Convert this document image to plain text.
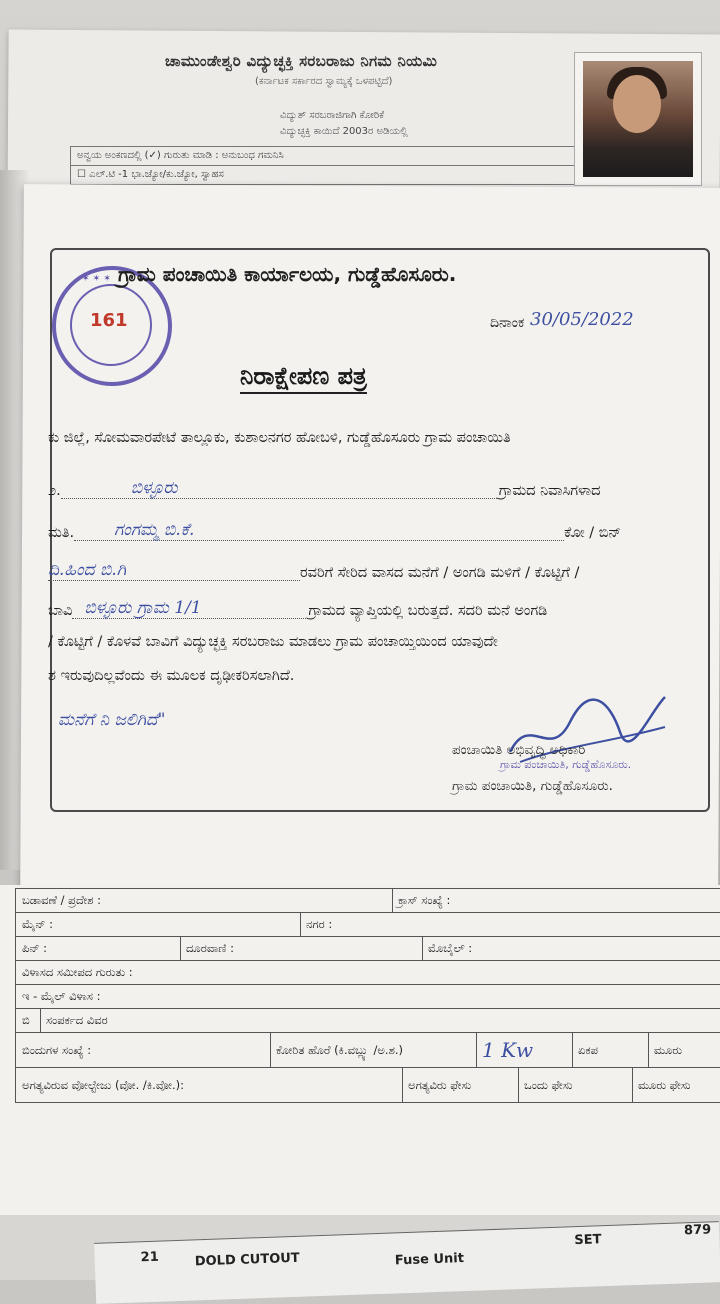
ಚಾಮುಂಡೇಶ್ವರಿ ವಿದ್ಯುಚ್ಛಕ್ತಿ ಸರಬರಾಜು ನಿಗಮ ನಿಯಮಿ
(ಕರ್ನಾಟಕ ಸರ್ಕಾರದ ಸ್ವಾಮ್ಯಕ್ಕೆ ಒಳಪಟ್ಟಿದೆ)
ವಿದ್ಯುತ್ ಸರಬರಾಜಿಗಾಗಿ ಕೋರಿಕೆ
ವಿದ್ಯುಚ್ಛಕ್ತಿ ಕಾಯಿದೆ 2003ರ ಅಡಿಯಲ್ಲಿ
ಅನ್ವಯ ಅಂಕಣದಲ್ಲಿ (✓) ಗುರುತು ಮಾಡಿ : ಅನುಬಂಧ ಗಮನಿಸಿ
☐ ಎಲ್.ಟಿ -1 ಭಾ.ಜ್ಯೋ/ಕು.ಜ್ಯೋ, ಸ್ವಾಹಸ
✶ ✶ ✶
161
ಗ್ರಾಮ ಪಂಚಾಯಿತಿ ಕಾರ್ಯಾಲಯ, ಗುಡ್ಡೆಹೊಸೂರು.
ದಿನಾಂಕ 30/05/2022
ನಿರಾಕ್ಷೇಪಣ ಪತ್ರ
ಕು ಜಿಲ್ಲೆ, ಸೋಮವಾರಪೇಟೆ ತಾಲ್ಲೂಕು, ಕುಶಾಲನಗರ ಹೋಬಳಿ, ಗುಡ್ಡೆಹೊಸೂರು ಗ್ರಾಮ ಪಂಚಾಯಿತಿ
೨.	ಬಿಳ್ಳೂರು	ಗ್ರಾಮದ ನಿವಾಸಿಗಳಾದ
ಮತಿ. ಗಂಗಮ್ಮ ಬಿ.ಕೆ.	ಕೋ / ಬಿನ್
ದಿ.ಹಿಂದ ಬಿ.ಗಿ	ರವರಿಗೆ ಸೇರಿದ ವಾಸದ ಮನೆಗೆ / ಅಂಗಡಿ ಮಳಿಗೆ / ಕೊಟ್ಟಿಗೆ /
ಬಾವಿ ಬಿಳ್ಳೂರು ಗ್ರಾಮ 1/1	ಗ್ರಾಮದ ವ್ಯಾಪ್ತಿಯಲ್ಲಿ ಬರುತ್ತದೆ. ಸದರಿ ಮನೆ ಅಂಗಡಿ
/ ಕೊಟ್ಟಿಗೆ / ಕೊಳವೆ ಬಾವಿಗೆ ವಿದ್ಯುಚ್ಛಕ್ತಿ ಸರಬರಾಜು ಮಾಡಲು ಗ್ರಾಮ ಪಂಚಾಯ್ತಿಯಿಂದ ಯಾವುದೇ
ಶ ಇರುವುದಿಲ್ಲವೆಂದು ಈ ಮೂಲಕ ದೃಢೀಕರಿಸಲಾಗಿದೆ.
ಮನೆಗೆ ನಿ ಜಲಿಗಿದೆ"
ಪಂಚಾಯಿತಿ ಅಭಿವೃದ್ಧಿ ಅಧಿಕಾರಿ
ಗ್ರಾಮ ಪಂಚಾಯಿತಿ, ಗುಡ್ಡೆಹೊಸೂರು.
ಗ್ರಾಮ ಪಂಚಾಯಿತಿ, ಗುಡ್ಡೆಹೊಸೂರು.
ಬಡಾವಣೆ / ಪ್ರದೇಶ :	ಕ್ರಾಸ್ ಸಂಖ್ಯೆ :
ಮೈನ್ :	ನಗರ :
ಪಿನ್ :	ದೂರವಾಣಿ :	ಮೊಬೈಲ್ :
ವಿಳಾಸದ ಸಮೀಪದ ಗುರುತು :
ಇ - ಮೈಲ್ ವಿಳಾಸ :
ಬಿ	ಸಂಪರ್ಕದ ವಿವರ
ಬಿಂದುಗಳ ಸಂಖ್ಯೆ :	ಕೋರಿತ ಹೊರೆ (ಕಿ.ವಬ್ಲ್ಯು /ಅ.ಶ.)	1 Kw	ಏಕಪ	ಮೂರು
ಅಗತ್ಯವಿರುವ ವೋಲ್ಟೇಜು (ವೋ. /ಕಿ.ವೋ.):	ಅಗತ್ಯವಿರು ಫೇಸು	ಒಂದು ಫೇಸು	ಮೂರು ಫೇಸು
21	DOLD CUTOUT	Fuse Unit
SET
879
